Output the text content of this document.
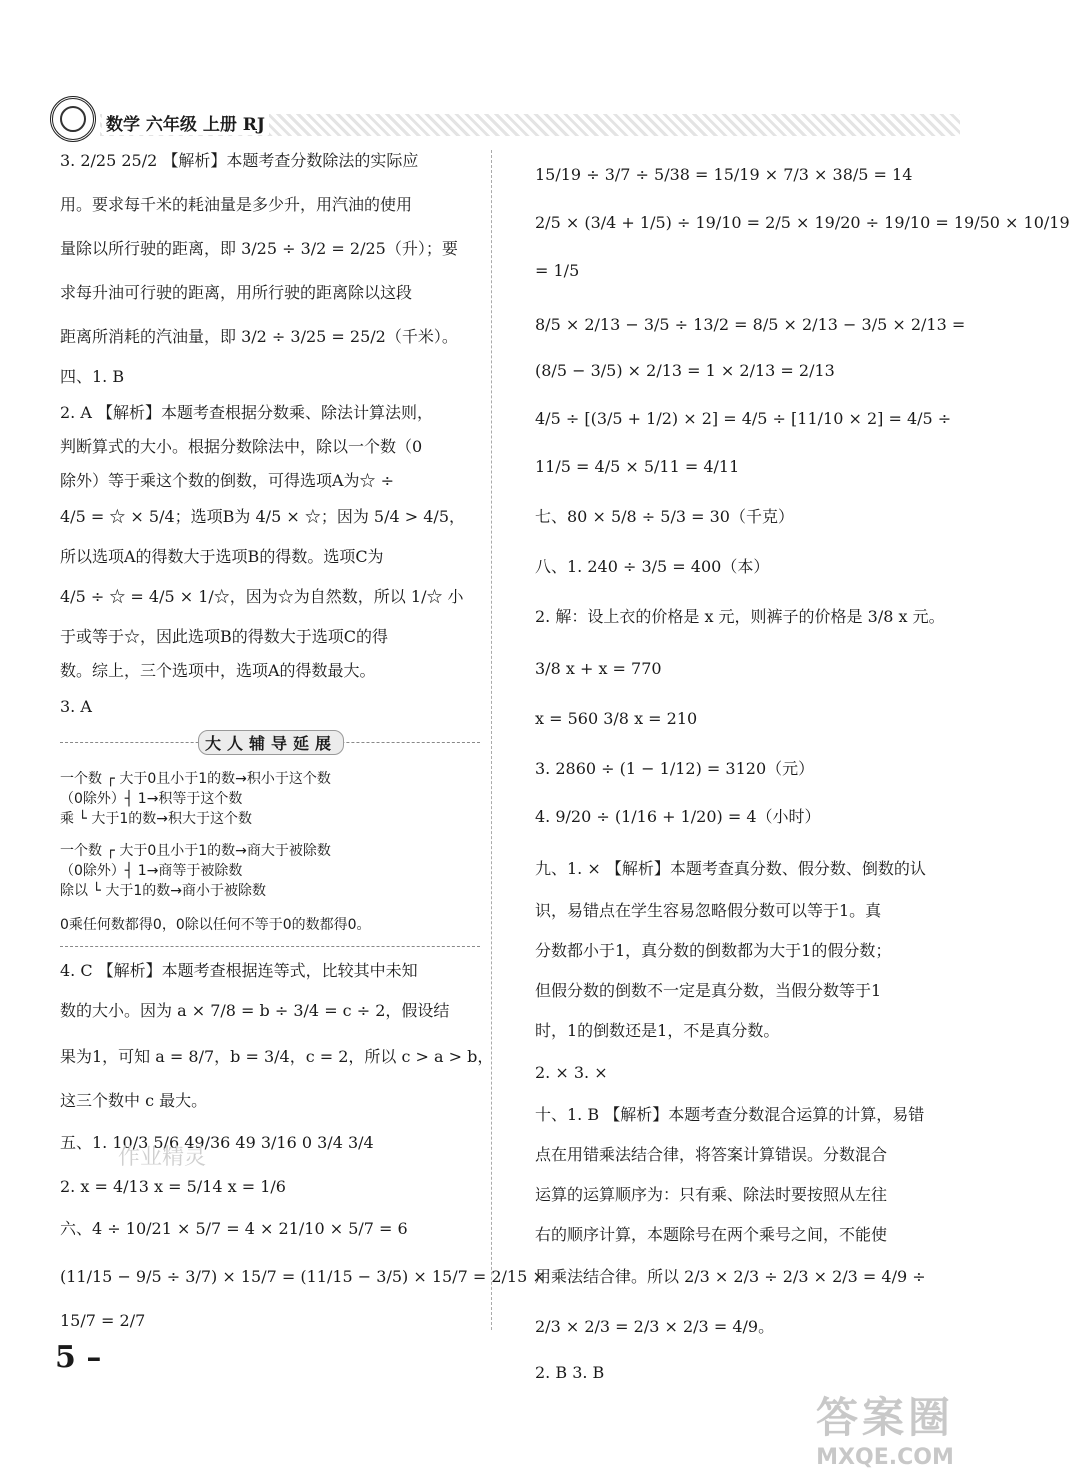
数学 六年级 上册 RJ
3. 2/25 25/2 【解析】本题考查分数除法的实际应
用。要求每千米的耗油量是多少升，用汽油的使用
量除以所行驶的距离，即 3/25 ÷ 3/2 = 2/25（升）；要
求每升油可行驶的距离，用所行驶的距离除以这段
距离所消耗的汽油量，即 3/2 ÷ 3/25 = 25/2（千米）。
四、1. B
2. A 【解析】本题考查根据分数乘、除法计算法则，
判断算式的大小。根据分数除法中，除以一个数（0
除外）等于乘这个数的倒数，可得选项A为☆ ÷
4/5 = ☆ × 5/4；选项B为 4/5 × ☆；因为 5/4 > 4/5，
所以选项A的得数大于选项B的得数。选项C为
4/5 ÷ ☆ = 4/5 × 1/☆，因为☆为自然数，所以 1/☆ 小
于或等于☆，因此选项B的得数大于选项C的得
数。综上，三个选项中，选项A的得数最大。
3. A
大人辅导延展
一个数 ┌ 大于0且小于1的数→积小于这个数
（0除外）┤ 1→积等于这个数
乘 └ 大于1的数→积大于这个数
一个数 ┌ 大于0且小于1的数→商大于被除数
（0除外）┤ 1→商等于被除数
除以 └ 大于1的数→商小于被除数
0乘任何数都得0，0除以任何不等于0的数都得0。
4. C 【解析】本题考查根据连等式，比较其中未知
数的大小。因为 a × 7/8 = b ÷ 3/4 = c ÷ 2，假设结
果为1，可知 a = 8/7，b = 3/4，c = 2，所以 c > a > b，
这三个数中 c 最大。
五、1. 10/3 5/6 49/36 49 3/16 0 3/4 3/4
2. x = 4/13 x = 5/14 x = 1/6
六、4 ÷ 10/21 × 5/7 = 4 × 21/10 × 5/7 = 6
(11/15 − 9/5 ÷ 3/7) × 15/7 = (11/15 − 3/5) × 15/7 = 2/15 ×
15/7 = 2/7
15/19 ÷ 3/7 ÷ 5/38 = 15/19 × 7/3 × 38/5 = 14
2/5 × (3/4 + 1/5) ÷ 19/10 = 2/5 × 19/20 ÷ 19/10 = 19/50 × 10/19
= 1/5
8/5 × 2/13 − 3/5 ÷ 13/2 = 8/5 × 2/13 − 3/5 × 2/13 =
(8/5 − 3/5) × 2/13 = 1 × 2/13 = 2/13
4/5 ÷ [(3/5 + 1/2) × 2] = 4/5 ÷ [11/10 × 2] = 4/5 ÷
11/5 = 4/5 × 5/11 = 4/11
七、80 × 5/8 ÷ 5/3 = 30（千克）
八、1. 240 ÷ 3/5 = 400（本）
2. 解：设上衣的价格是 x 元，则裤子的价格是 3/8 x 元。
3/8 x + x = 770
x = 560 3/8 x = 210
3. 2860 ÷ (1 − 1/12) = 3120（元）
4. 9/20 ÷ (1/16 + 1/20) = 4（小时）
九、1. × 【解析】本题考查真分数、假分数、倒数的认
识，易错点在学生容易忽略假分数可以等于1。真
分数都小于1，真分数的倒数都为大于1的假分数；
但假分数的倒数不一定是真分数，当假分数等于1
时，1的倒数还是1，不是真分数。
2. × 3. ×
十、1. B 【解析】本题考查分数混合运算的计算，易错
点在用错乘法结合律，将答案计算错误。分数混合
运算的运算顺序为：只有乘、除法时要按照从左往
右的顺序计算，本题除号在两个乘号之间，不能使
用乘法结合律。所以 2/3 × 2/3 ÷ 2/3 × 2/3 = 4/9 ÷
2/3 × 2/3 = 2/3 × 2/3 = 4/9。
2. B 3. B
作业精灵
5 –
答案圈
MXQE.COM
